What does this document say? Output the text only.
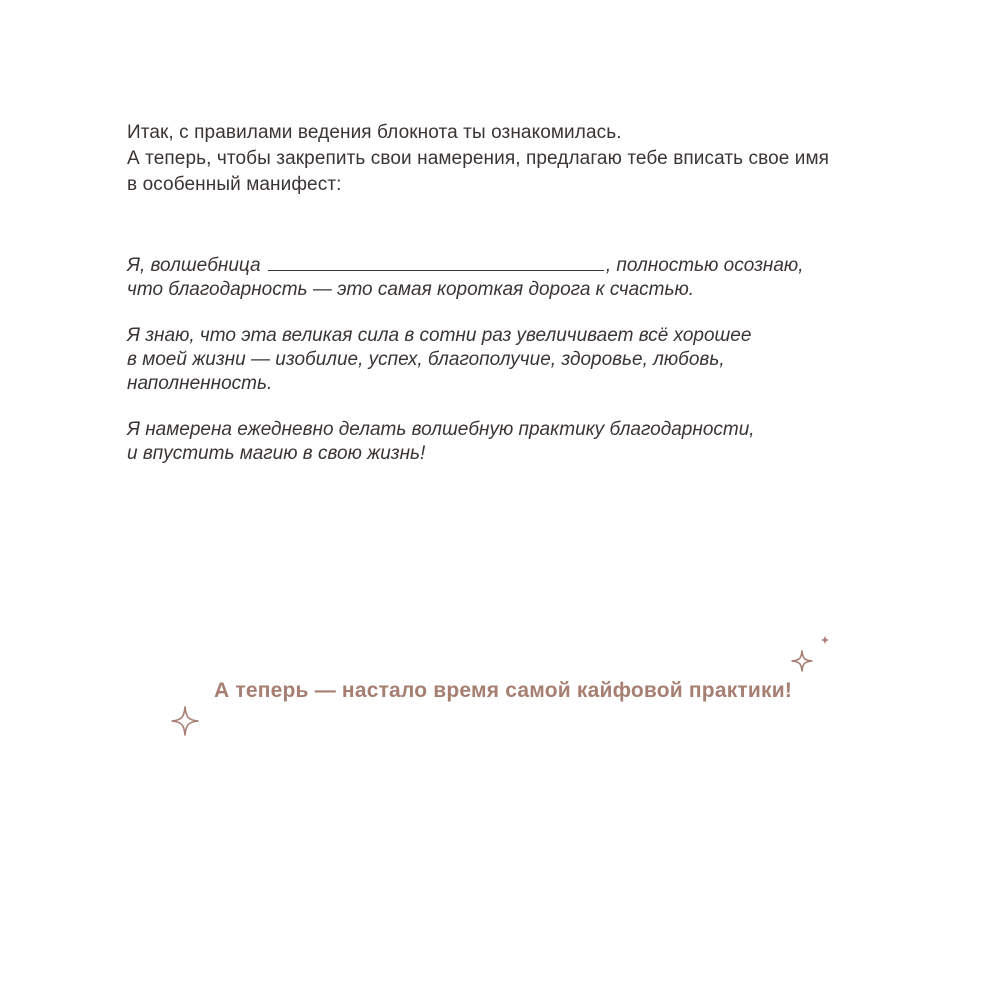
Итак, с правилами ведения блокнота ты ознакомилась.

А теперь, чтобы закрепить свои намерения, предлагаю тебе вписать свое имя

в особенный манифест:

Я, волшебница	, полностью осознаю,
что благодарность — это самая короткая дорога к счастью.

Я знаю, что эта великая сила в сотни раз увеличивает всё хорошее
в моей жизни — изобилие, успех, благополучие, здоровье, любовь,
наполненность.

Я намерена ежедневно делать волшебную практику благодарности,
и впустить магию в свою жизнь!

А теперь — настало время самой кайфовой практики!
